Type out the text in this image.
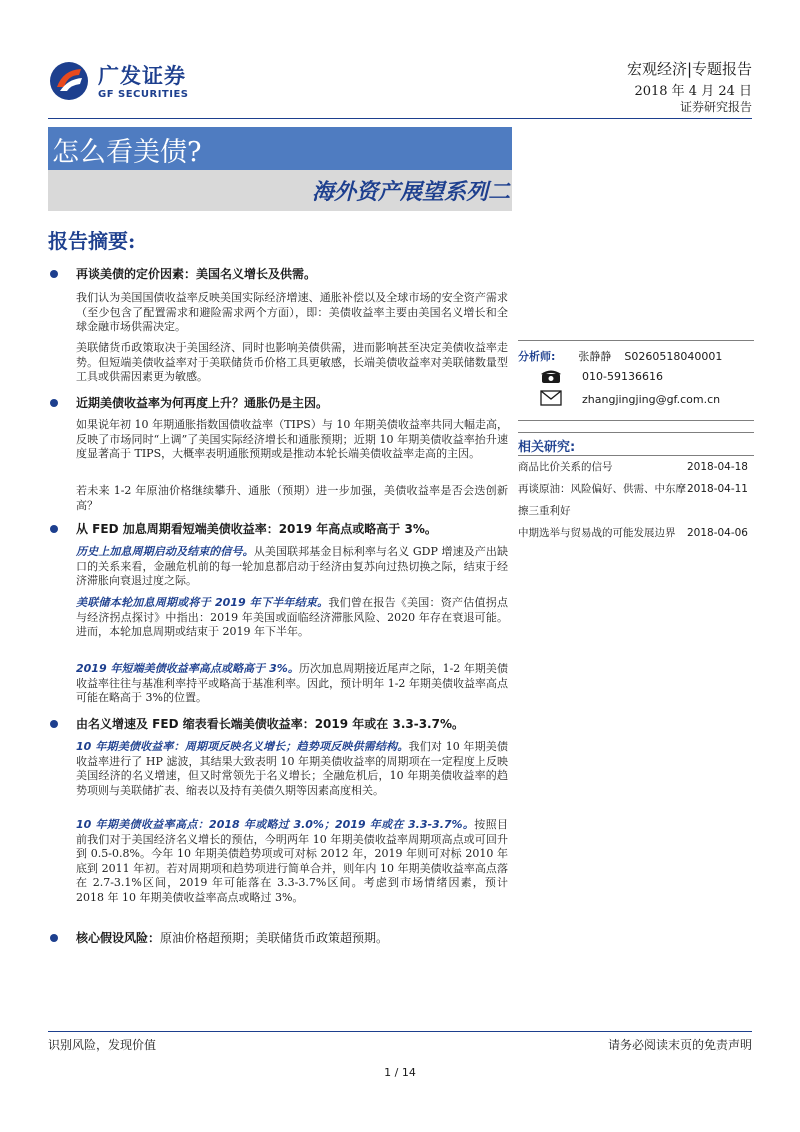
广发证券
GF SECURITIES
宏观经济|专题报告
2018 年 4 月 24 日
证券研究报告
怎么看美债?
海外资产展望系列二
报告摘要:
再谈美债的定价因素：美国名义增长及供需。
我们认为美国国债收益率反映美国实际经济增速、通胀补偿以及全球市场的安全资产需求（至少包含了配置需求和避险需求两个方面），即：美债收益率主要由美国名义增长和全球金融市场供需决定。
美联储货币政策取决于美国经济、同时也影响美债供需，进而影响甚至决定美债收益率走势。但短端美债收益率对于美联储货币价格工具更敏感，长端美债收益率对美联储数量型工具或供需因素更为敏感。
近期美债收益率为何再度上升？通胀仍是主因。
如果说年初 10 年期通胀指数国债收益率（TIPS）与 10 年期美债收益率共同大幅走高，反映了市场同时“上调”了美国实际经济增长和通胀预期；近期 10 年期美债收益率抬升速度显著高于 TIPS，大概率表明通胀预期或是推动本轮长端美债收益率走高的主因。
若未来 1-2 年原油价格继续攀升、通胀（预期）进一步加强，美债收益率是否会迭创新高？
从 FED 加息周期看短端美债收益率：2019 年高点或略高于 3%。
历史上加息周期启动及结束的信号。从美国联邦基金目标利率与名义 GDP 增速及产出缺口的关系来看，金融危机前的每一轮加息都启动于经济由复苏向过热切换之际，结束于经济滞胀向衰退过度之际。
美联储本轮加息周期或将于 2019 年下半年结束。我们曾在报告《美国：资产估值拐点与经济拐点探讨》中指出：2019 年美国或面临经济滞胀风险、2020 年存在衰退可能。进而，本轮加息周期或结束于 2019 年下半年。
2019 年短端美债收益率高点或略高于 3%。历次加息周期接近尾声之际，1-2 年期美债收益率往往与基准利率持平或略高于基准利率。因此，预计明年 1-2 年期美债收益率高点可能在略高于 3%的位置。
由名义增速及 FED 缩表看长端美债收益率：2019 年或在 3.3-3.7%。
10 年期美债收益率：周期项反映名义增长；趋势项反映供需结构。我们对 10 年期美债收益率进行了 HP 滤波，其结果大致表明 10 年期美债收益率的周期项在一定程度上反映美国经济的名义增速，但又时常领先于名义增长；全融危机后，10 年期美债收益率的趋势项则与美联储扩表、缩表以及持有美债久期等因素高度相关。
10 年期美债收益率高点：2018 年或略过 3.0%；2019 年或在 3.3-3.7%。按照目前我们对于美国经济名义增长的预估，今明两年 10 年期美债收益率周期项高点或可回升到 0.5-0.8%。今年 10 年期美债趋势项或可对标 2012 年，2019 年则可对标 2010 年底到 2011 年初。若对周期项和趋势项进行简单合并，则年内 10 年期美债收益率高点落在 2.7-3.1%区间，2019 年可能落在 3.3-3.7%区间。考虑到市场情绪因素，预计 2018 年 10 年期美债收益率高点或略过 3%。
核心假设风险：原油价格超预期；美联储货币政策超预期。
分析师: 张静静 S0260518040001
010-59136616
zhangjingjing@gf.com.cn
相关研究:
商品比价关系的信号	2018-04-18
再谈原油：风险偏好、供需、中东摩擦三重利好
2018-04-11
中期选举与贸易战的可能发展边界 2018-04-06
识别风险，发现价值	请务必阅读末页的免责声明
1 / 14
